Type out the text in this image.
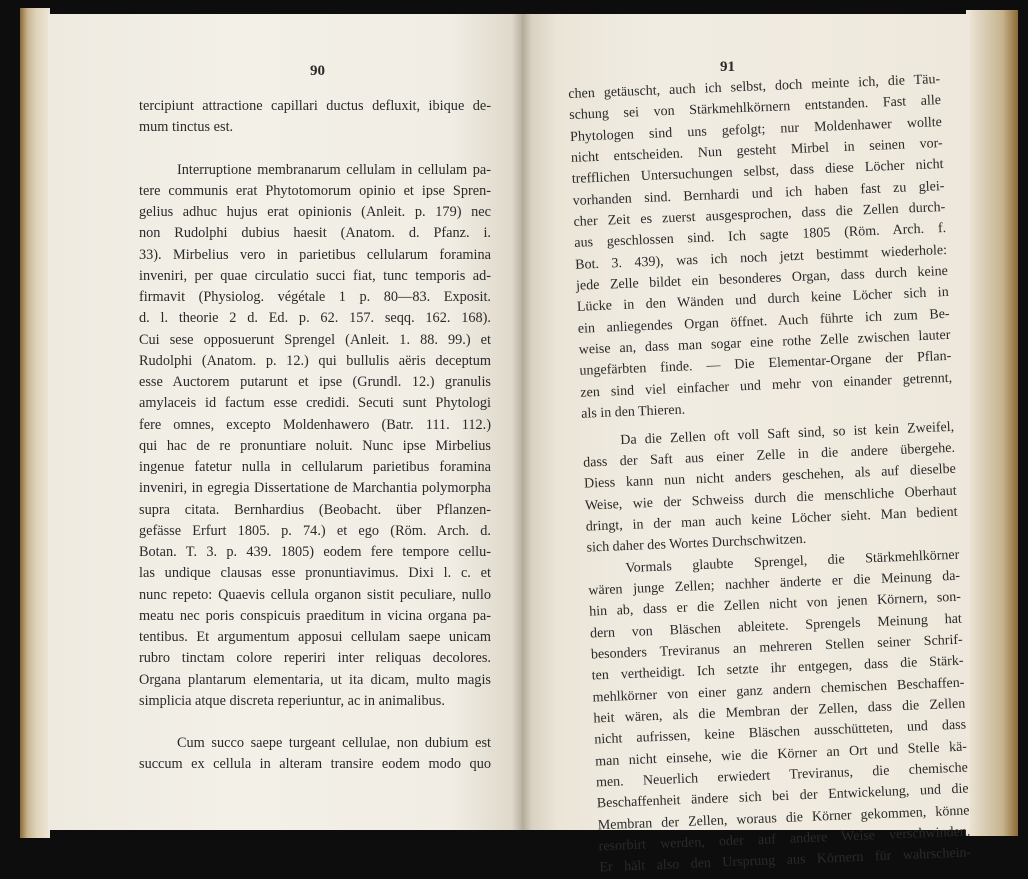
90
tercipiunt attractione capillari ductus defluxit, ibique de-
mum tinctus est.
Interruptione membranarum cellulam in cellulam pa-
tere communis erat Phytotomorum opinio et ipse Spren-
gelius adhuc hujus erat opinionis (Anleit. p. 179) nec
non Rudolphi dubius haesit (Anatom. d. Pfanz. i.
33). Mirbelius vero in parietibus cellularum foramina
inveniri, per quae circulatio succi fiat, tunc temporis ad-
firmavit (Physiolog. végétale 1 p. 80—83. Exposit.
d. l. theorie 2 d. Ed. p. 62. 157. seqq. 162. 168).
Cui sese opposuerunt Sprengel (Anleit. 1. 88. 99.) et
Rudolphi (Anatom. p. 12.) qui bullulis aëris deceptum
esse Auctorem putarunt et ipse (Grundl. 12.) granulis
amylaceis id factum esse credidi. Secuti sunt Phytologi
fere omnes, excepto Moldenhawero (Batr. 111. 112.)
qui hac de re pronuntiare noluit. Nunc ipse Mirbelius
ingenue fatetur nulla in cellularum parietibus foramina
inveniri, in egregia Dissertatione de Marchantia polymorpha
supra citata. Bernhardius (Beobacht. über Pflanzen-
gefässe Erfurt 1805. p. 74.) et ego (Röm. Arch. d.
Botan. T. 3. p. 439. 1805) eodem fere tempore cellu-
las undique clausas esse pronuntiavimus. Dixi l. c. et
nunc repeto: Quaevis cellula organon sistit peculiare, nullo
meatu nec poris conspicuis praeditum in vicina organa pa-
tentibus. Et argumentum apposui cellulam saepe unicam
rubro tinctam colore reperiri inter reliquas decolores.
Organa plantarum elementaria, ut ita dicam, multo magis
simplicia atque discreta reperiuntur, ac in animalibus.
Cum succo saepe turgeant cellulae, non dubium est
succum ex cellula in alteram transire eodem modo quo
91
chen getäuscht, auch ich selbst, doch meinte ich, die Täu-
schung sei von Stärkmehlkörnern entstanden. Fast alle
Phytologen sind uns gefolgt; nur Moldenhawer wollte
nicht entscheiden. Nun gesteht Mirbel in seinen vor-
trefflichen Untersuchungen selbst, dass diese Löcher nicht
vorhanden sind. Bernhardi und ich haben fast zu glei-
cher Zeit es zuerst ausgesprochen, dass die Zellen durch-
aus geschlossen sind. Ich sagte 1805 (Röm. Arch. f.
Bot. 3. 439), was ich noch jetzt bestimmt wiederhole:
jede Zelle bildet ein besonderes Organ, dass durch keine
Lücke in den Wänden und durch keine Löcher sich in
ein anliegendes Organ öffnet. Auch führte ich zum Be-
weise an, dass man sogar eine rothe Zelle zwischen lauter
ungefärbten finde. — Die Elementar-Organe der Pflan-
zen sind viel einfacher und mehr von einander getrennt,
als in den Thieren.
Da die Zellen oft voll Saft sind, so ist kein Zweifel,
dass der Saft aus einer Zelle in die andere übergehe.
Diess kann nun nicht anders geschehen, als auf dieselbe
Weise, wie der Schweiss durch die menschliche Oberhaut
dringt, in der man auch keine Löcher sieht. Man bedient
sich daher des Wortes Durchschwitzen.
Vormals glaubte Sprengel, die Stärkmehlkörner
wären junge Zellen; nachher änderte er die Meinung da-
hin ab, dass er die Zellen nicht von jenen Körnern, son-
dern von Bläschen ableitete. Sprengels Meinung hat
besonders Treviranus an mehreren Stellen seiner Schrif-
ten vertheidigt. Ich setzte ihr entgegen, dass die Stärk-
mehlkörner von einer ganz andern chemischen Beschaffen-
heit wären, als die Membran der Zellen, dass die Zellen
nicht aufrissen, keine Bläschen ausschütteten, und dass
man nicht einsehe, wie die Körner an Ort und Stelle kä-
men. Neuerlich erwiedert Treviranus, die chemische
Beschaffenheit ändere sich bei der Entwickelung, und die
Membran der Zellen, woraus die Körner gekommen, könne
resorbirt werden, oder auf andere Weise verschwinden.
Er hält also den Ursprung aus Körnern für wahrschein-
